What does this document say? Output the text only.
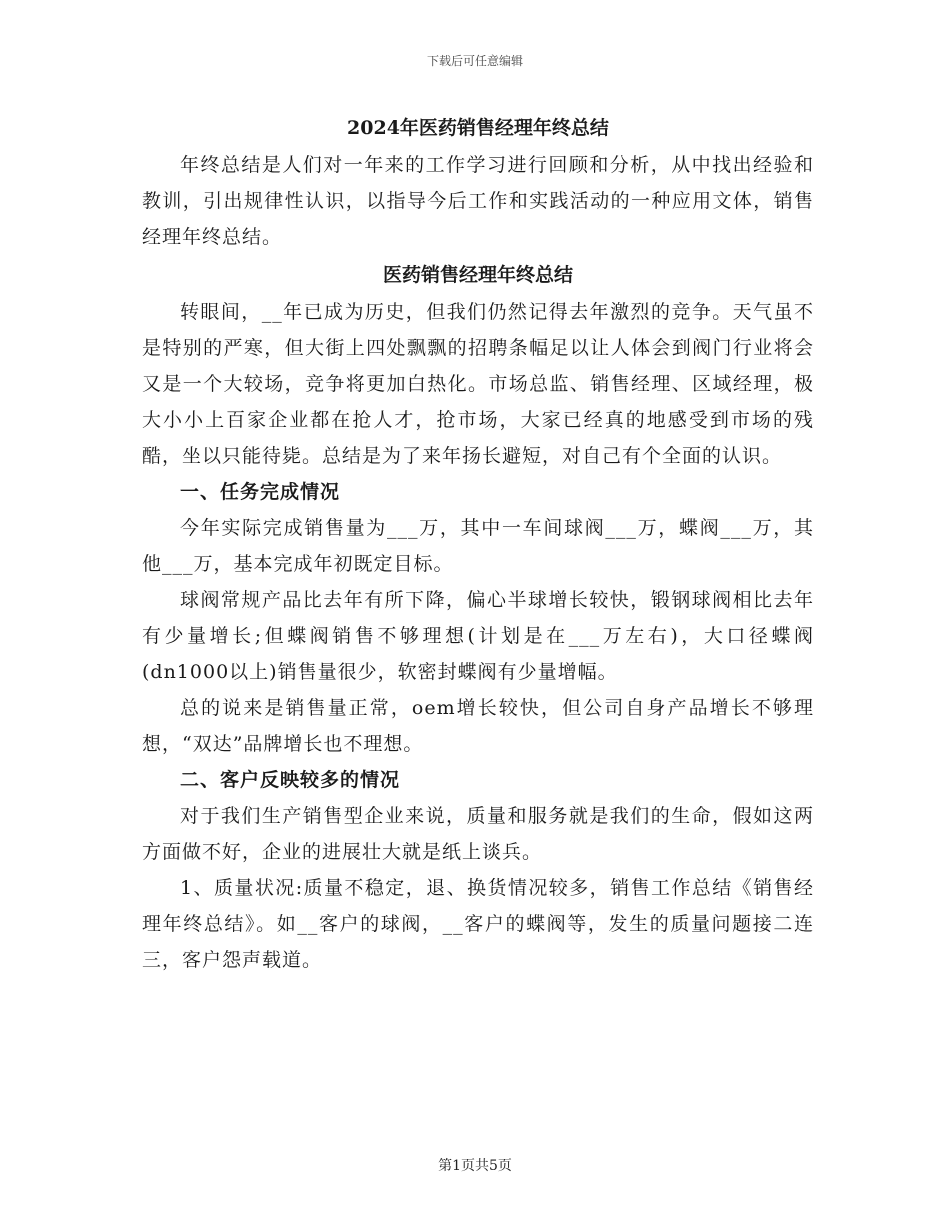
下载后可任意编辑
2024年医药销售经理年终总结

年终总结是人们对一年来的工作学习进行回顾和分析，从中找出经验和教训，引出规律性认识，以指导今后工作和实践活动的一种应用文体，销售经理年终总结。

医药销售经理年终总结

转眼间，__年已成为历史，但我们仍然记得去年激烈的竞争。天气虽不是特别的严寒，但大街上四处飘飘的招聘条幅足以让人体会到阀门行业将会又是一个大较场，竞争将更加白热化。市场总监、销售经理、区域经理，极大小小上百家企业都在抢人才，抢市场，大家已经真的地感受到市场的残酷，坐以只能待毙。总结是为了来年扬长避短，对自己有个全面的认识。

一、任务完成情况

今年实际完成销售量为___万，其中一车间球阀___万，蝶阀___万，其他___万，基本完成年初既定目标。

球阀常规产品比去年有所下降，偏心半球增长较快，锻钢球阀相比去年有少量增长;但蝶阀销售不够理想(计划是在___万左右)，大口径蝶阀(dn1000以上)销售量很少，软密封蝶阀有少量增幅。

总的说来是销售量正常，oem增长较快，但公司自身产品增长不够理想，“双达”品牌增长也不理想。

二、客户反映较多的情况

对于我们生产销售型企业来说，质量和服务就是我们的生命，假如这两方面做不好，企业的进展壮大就是纸上谈兵。

1、质量状况:质量不稳定，退、换货情况较多，销售工作总结《销售经理年终总结》。如__客户的球阀，__客户的蝶阀等，发生的质量问题接二连三，客户怨声载道。

第1页共5页
